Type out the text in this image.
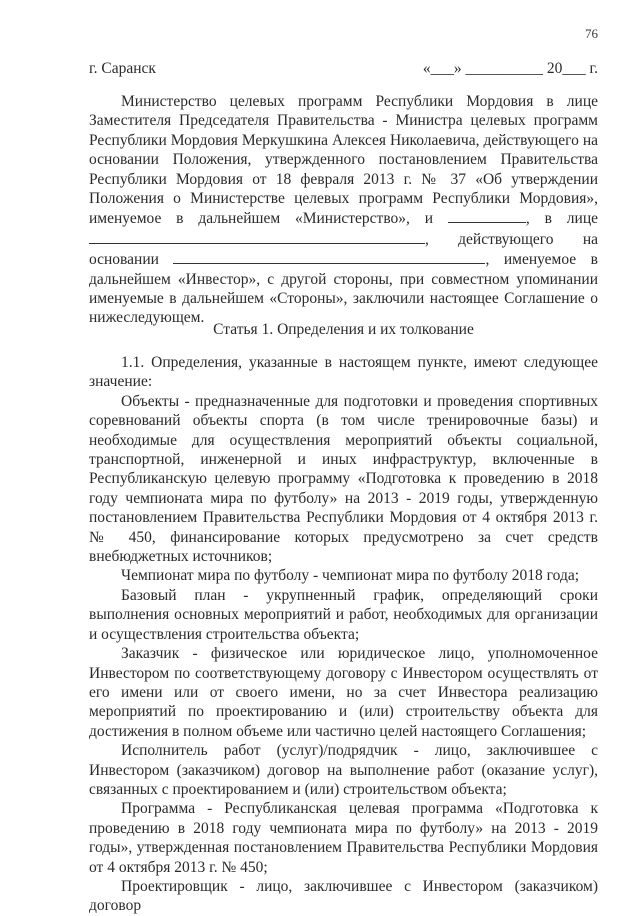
76
г. Саранск	«___» __________ 20___ г.

Министерство целевых программ Республики Мордовия в лице Заместителя Председателя Правительства - Министра целевых программ Республики Мордовия Меркушкина Алексея Николаевича, действующего на основании Положения, утвержденного постановлением Правительства Республики Мордовия от 18 февраля 2013 г. № 37 «Об утверждении Положения о Министерстве целевых программ Республики Мордовия», именуемое в дальнейшем «Министерство», и	, в лице , действующего на основании	, именуемое в дальнейшем «Инвестор», с другой стороны, при совместном упоминании именуемые в дальнейшем «Стороны», заключили настоящее Соглашение о нижеследующем.

Статья 1. Определения и их толкование

1.1. Определения, указанные в настоящем пункте, имеют следующее значение:

Объекты - предназначенные для подготовки и проведения спортивных соревнований объекты спорта (в том числе тренировочные базы) и необходимые для осуществления мероприятий объекты социальной, транспортной, инженерной и иных инфраструктур, включенные в Республиканскую целевую программу «Подготовка к проведению в 2018 году чемпионата мира по футболу» на 2013 - 2019 годы, утвержденную постановлением Правительства Республики Мордовия от 4 октября 2013 г. № 450, финансирование которых предусмотрено за счет средств внебюджетных источников;

Чемпионат мира по футболу - чемпионат мира по футболу 2018 года;

Базовый план - укрупненный график, определяющий сроки выполнения основных мероприятий и работ, необходимых для организации и осуществления строительства объекта;

Заказчик - физическое или юридическое лицо, уполномоченное Инвестором по соответствующему договору с Инвестором осуществлять от его имени или от своего имени, но за счет Инвестора реализацию мероприятий по проектированию и (или) строительству объекта для достижения в полном объеме или частично целей настоящего Соглашения;

Исполнитель работ (услуг)/подрядчик - лицо, заключившее с Инвестором (заказчиком) договор на выполнение работ (оказание услуг), связанных с проектированием и (или) строительством объекта;

Программа - Республиканская целевая программа «Подготовка к проведению в 2018 году чемпионата мира по футболу» на 2013 - 2019 годы», утвержденная постановлением Правительства Республики Мордовия от 4 октября 2013 г. № 450;

Проектировщик - лицо, заключившее с Инвестором (заказчиком) договор
